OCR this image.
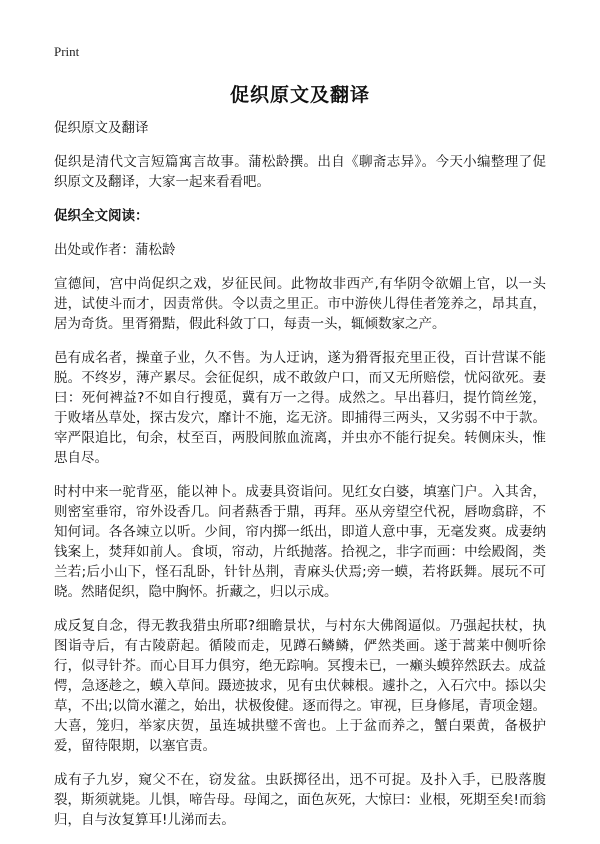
Print
促织原文及翻译
促织原文及翻译

促织是清代文言短篇寓言故事。蒲松龄撰。出自《聊斋志异》。今天小编整理了促织原文及翻译，大家一起来看看吧。

促织全文阅读：

出处或作者：蒲松龄

宣德间，宫中尚促织之戏，岁征民间。此物故非西产,有华阴令欲媚上官，以一头进，试使斗而才，因责常供。令以责之里正。市中游侠儿得佳者笼养之，昂其直，居为奇货。里胥猾黠，假此科敛丁口，每责一头，辄倾数家之产。

邑有成名者，操童子业，久不售。为人迂讷，遂为猾胥报充里正役，百计营谋不能脱。不终岁，薄产累尽。会征促织，成不敢敛户口，而又无所赔偿，忧闷欲死。妻曰：死何裨益?不如自行搜觅，冀有万一之得。成然之。早出暮归，提竹筒丝笼，于败堵丛草处，探古发穴，靡计不施，迄无济。即捕得三两头，又劣弱不中于款。宰严限追比，旬余，杖至百，两股间脓血流离，并虫亦不能行捉矣。转侧床头，惟思自尽。

时村中来一驼背巫，能以神卜。成妻具资诣问。见红女白婆，填塞门户。入其舍，则密室垂帘，帘外设香几。问者爇香于鼎，再拜。巫从旁望空代祝，唇吻翕辟，不知何词。各各竦立以听。少间，帘内掷一纸出，即道人意中事，无毫发爽。成妻纳钱案上，焚拜如前人。食顷，帘动，片纸抛落。拾视之，非字而画：中绘殿阁，类兰若;后小山下，怪石乱卧，针针丛荆，青麻头伏焉;旁一蟆，若将跃舞。展玩不可晓。然睹促织，隐中胸怀。折藏之，归以示成。

成反复自念，得无教我猎虫所耶?细瞻景状，与村东大佛阁逼似。乃强起扶杖，执图诣寺后，有古陵蔚起。循陵而走，见蹲石鳞鳞，俨然类画。遂于蒿莱中侧听徐行，似寻针芥。而心目耳力俱穷，绝无踪响。冥搜未已，一癞头蟆猝然跃去。成益愕，急逐趁之，蟆入草间。蹑迹披求，见有虫伏棘根。遽扑之，入石穴中。掭以尖草，不出;以筒水灌之，始出，状极俊健。逐而得之。审视，巨身修尾，青项金翅。大喜，笼归，举家庆贺，虽连城拱璧不啻也。上于盆而养之，蟹白栗黄，备极护爱，留待限期，以塞官责。

成有子九岁，窥父不在，窃发盆。虫跃掷径出，迅不可捉。及扑入手，已股落腹裂，斯须就毙。儿惧，啼告母。母闻之，面色灰死，大惊曰：业根，死期至矣!而翁归，自与汝复算耳!儿涕而去。
